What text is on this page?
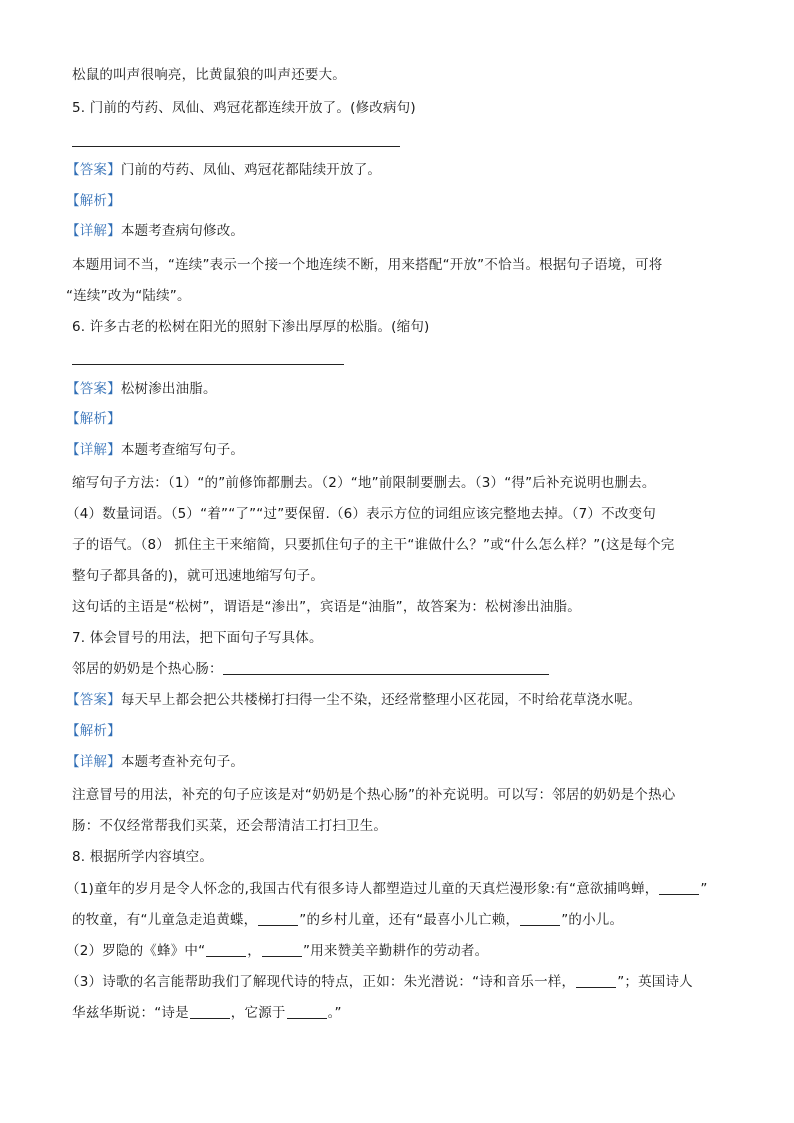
松鼠的叫声很响亮，比黄鼠狼的叫声还要大。

5. 门前的芍药、凤仙、鸡冠花都连续开放了。(修改病句)

【答案】门前的芍药、凤仙、鸡冠花都陆续开放了。

【解析】

【详解】本题考查病句修改。

本题用词不当，“连续”表示一个接一个地连续不断，用来搭配“开放”不恰当。根据句子语境，可将

“连续”改为“陆续”。

6. 许多古老的松树在阳光的照射下渗出厚厚的松脂。(缩句)

【答案】松树渗出油脂。

【解析】

【详解】本题考查缩写句子。

缩写句子方法：（1）“的”前修饰都删去。（2）“地”前限制要删去。（3）“得”后补充说明也删去。

（4）数量词语。（5）“着”“了”“过”要保留.（6）表示方位的词组应该完整地去掉。（7）不改变句

子的语气。（8） 抓住主干来缩简，只要抓住句子的主干“谁做什么？”或“什么怎么样？”(这是每个完

整句子都具备的)，就可迅速地缩写句子。

这句话的主语是“松树”，谓语是“渗出”，宾语是“油脂”，故答案为：松树渗出油脂。

7. 体会冒号的用法，把下面句子写具体。

邻居的奶奶是个热心肠：

【答案】每天早上都会把公共楼梯打扫得一尘不染，还经常整理小区花园，不时给花草浇水呢。

【解析】

【详解】本题考查补充句子。

注意冒号的用法，补充的句子应该是对“奶奶是个热心肠”的补充说明。可以写：邻居的奶奶是个热心

肠：不仅经常帮我们买菜，还会帮清洁工打扫卫生。

8. 根据所学内容填空。

（1)童年的岁月是令人怀念的,我国古代有很多诗人都塑造过儿童的天真烂漫形象:有“意欲捕鸣蝉，	”

的牧童，有“儿童急走追黄蝶，	”的乡村儿童，还有“最喜小儿亡赖，	”的小儿。

（2）罗隐的《蜂》中“	，	”用来赞美辛勤耕作的劳动者。

（3）诗歌的名言能帮助我们了解现代诗的特点，正如：朱光潜说：“诗和音乐一样，	”；英国诗人

华兹华斯说：“诗是	，它源于	。”
